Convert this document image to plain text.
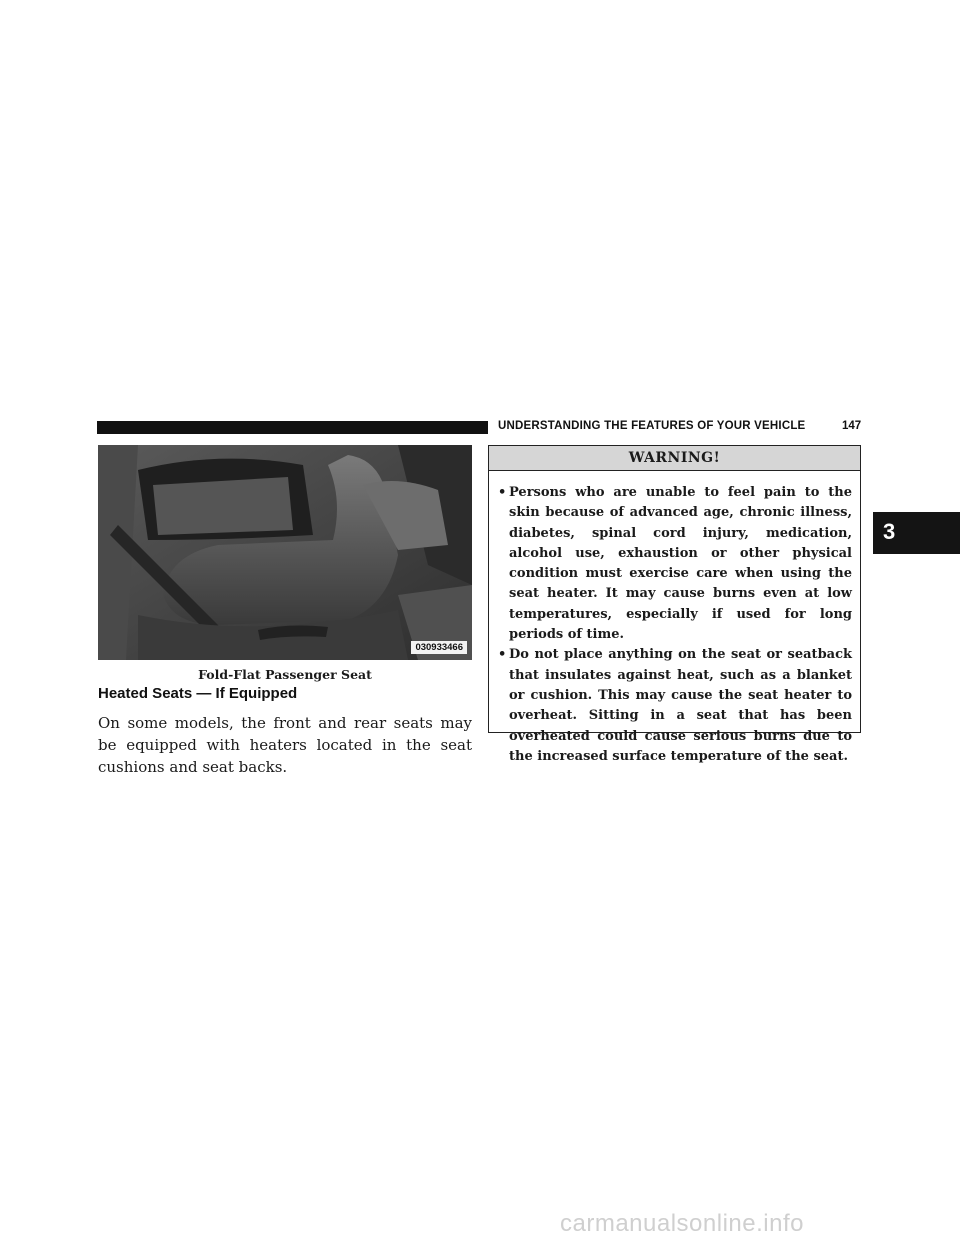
UNDERSTANDING THE FEATURES OF YOUR VEHICLE	147
3
030933466
Fold-Flat Passenger Seat
Heated Seats — If Equipped

On some models, the front and rear seats may be equipped with heaters located in the seat cushions and seat backs.

WARNING!
• Persons who are unable to feel pain to the skin because of advanced age, chronic illness, diabetes, spinal cord injury, medication, alcohol use, exhaustion or other physical condition must exercise care when using the seat heater. It may cause burns even at low temperatures, especially if used for long periods of time.
• Do not place anything on the seat or seatback that insulates against heat, such as a blanket or cushion. This may cause the seat heater to overheat. Sitting in a seat that has been overheated could cause serious burns due to the increased surface temperature of the seat.
carmanualsonline.info
